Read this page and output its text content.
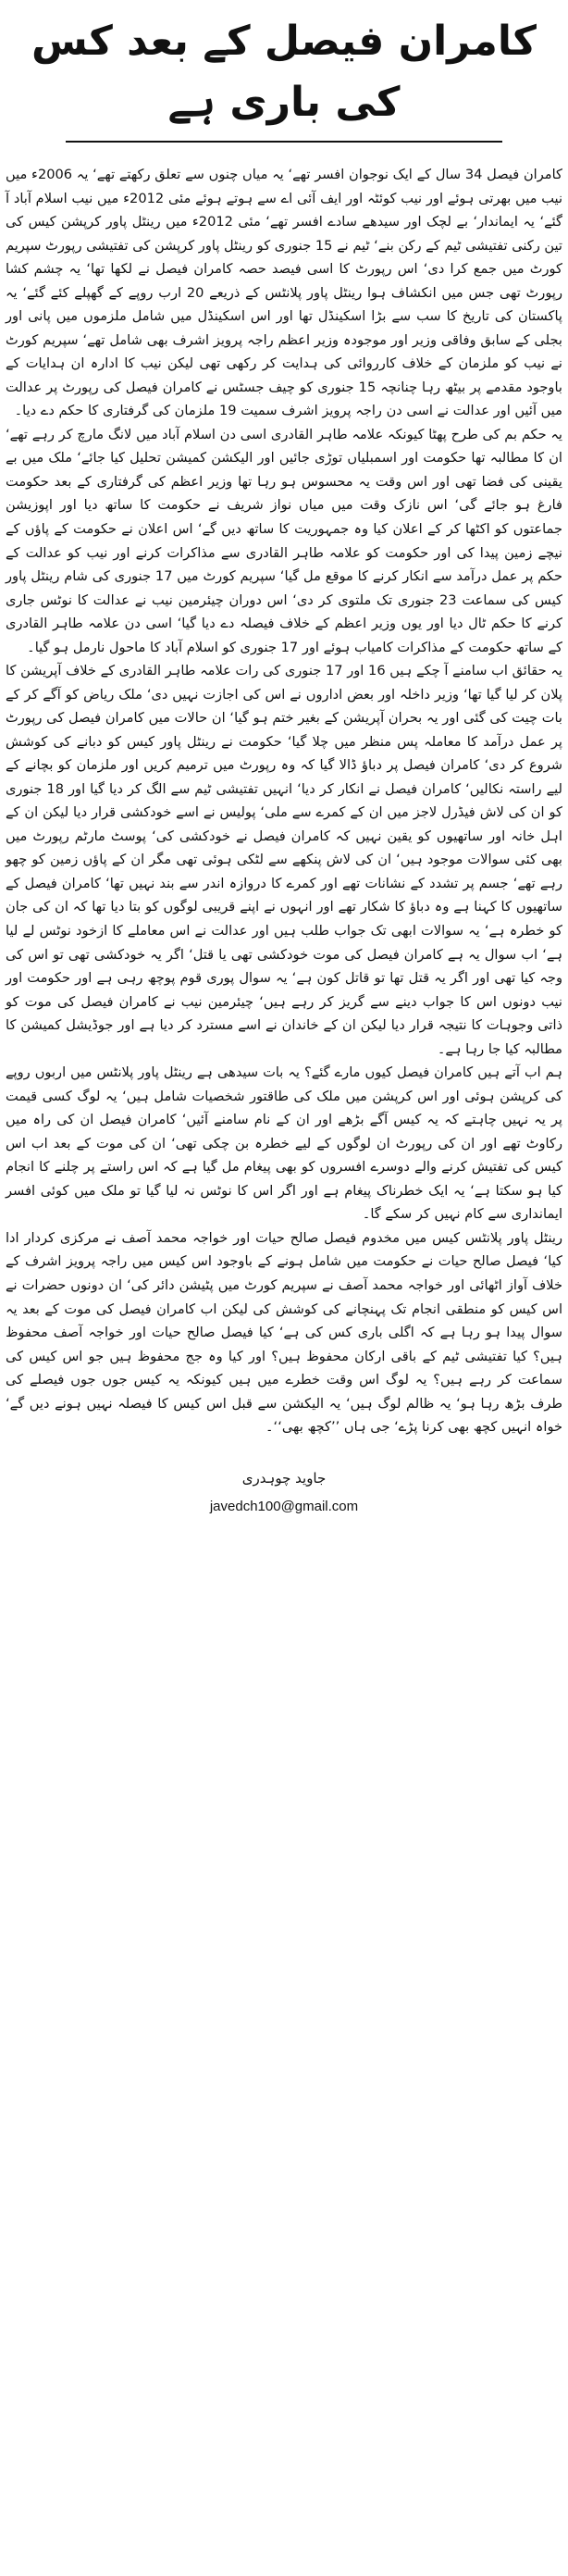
کامران فیصل کے بعد کس کی باری ہے

کامران فیصل 34 سال کے ایک نوجوان افسر تھے‘ یہ میاں چنوں سے تعلق رکھتے تھے‘ یہ 2006ء میں نیب میں بھرتی ہوئے اور نیب کوئٹہ اور ایف آئی اے سے ہوتے ہوئے مئی 2012ء میں نیب اسلام آباد آ گئے‘ یہ ایماندار‘ بے لچک اور سیدھے سادے افسر تھے‘ مئی 2012ء میں رینٹل پاور کرپشن کیس کی تین رکنی تفتیشی ٹیم کے رکن بنے‘ ٹیم نے 15 جنوری کو رینٹل پاور کرپشن کی تفتیشی رپورٹ سپریم کورٹ میں جمع کرا دی‘ اس رپورٹ کا اسی فیصد حصہ کامران فیصل نے لکھا تھا‘ یہ چشم کشا رپورٹ تھی جس میں انکشاف ہوا رینٹل پاور پلانٹس کے ذریعے 20 ارب روپے کے گھپلے کئے گئے‘ یہ پاکستان کی تاریخ کا سب سے بڑا اسکینڈل تھا اور اس اسکینڈل میں شامل ملزموں میں پانی اور بجلی کے سابق وفاقی وزیر اور موجودہ وزیر اعظم راجہ پرویز اشرف بھی شامل تھے‘ سپریم کورٹ نے نیب کو ملزمان کے خلاف کارروائی کی ہدایت کر رکھی تھی لیکن نیب کا ادارہ ان ہدایات کے باوجود مقدمے پر بیٹھ رہا چنانچہ 15 جنوری کو چیف جسٹس نے کامران فیصل کی رپورٹ پر عدالت میں آئیں اور عدالت نے اسی دن راجہ پرویز اشرف سمیت 19 ملزمان کی گرفتاری کا حکم دے دیا۔

یہ حکم بم کی طرح پھٹا کیونکہ علامہ طاہر القادری اسی دن اسلام آباد میں لانگ مارچ کر رہے تھے‘ ان کا مطالبہ تھا حکومت اور اسمبلیاں توڑی جائیں اور الیکشن کمیشن تحلیل کیا جائے‘ ملک میں بے یقینی کی فضا تھی اور اس وقت یہ محسوس ہو رہا تھا وزیر اعظم کی گرفتاری کے بعد حکومت فارغ ہو جائے گی‘ اس نازک وقت میں میاں نواز شریف نے حکومت کا ساتھ دیا اور اپوزیشن جماعتوں کو اکٹھا کر کے اعلان کیا وہ جمہوریت کا ساتھ دیں گے‘ اس اعلان نے حکومت کے پاؤں کے نیچے زمین پیدا کی اور حکومت کو علامہ طاہر القادری سے مذاکرات کرنے اور نیب کو عدالت کے حکم پر عمل درآمد سے انکار کرنے کا موقع مل گیا‘ سپریم کورٹ میں 17 جنوری کی شام رینٹل پاور کیس کی سماعت 23 جنوری تک ملتوی کر دی‘ اس دوران چیئرمین نیب نے عدالت کا نوٹس جاری کرنے کا حکم ٹال دیا اور یوں وزیر اعظم کے خلاف فیصلہ دے دیا گیا‘ اسی دن علامہ طاہر القادری کے ساتھ حکومت کے مذاکرات کامیاب ہوئے اور 17 جنوری کو اسلام آباد کا ماحول نارمل ہو گیا۔

یہ حقائق اب سامنے آ چکے ہیں 16 اور 17 جنوری کی رات علامہ طاہر القادری کے خلاف آپریشن کا پلان کر لیا گیا تھا‘ وزیر داخلہ اور بعض اداروں نے اس کی اجازت نہیں دی‘ ملک ریاض کو آگے کر کے بات چیت کی گئی اور یہ بحران آپریشن کے بغیر ختم ہو گیا‘ ان حالات میں کامران فیصل کی رپورٹ پر عمل درآمد کا معاملہ پس منظر میں چلا گیا‘ حکومت نے رینٹل پاور کیس کو دبانے کی کوشش شروع کر دی‘ کامران فیصل پر دباؤ ڈالا گیا کہ وہ رپورٹ میں ترمیم کریں اور ملزمان کو بچانے کے لیے راستہ نکالیں‘ کامران فیصل نے انکار کر دیا‘ انہیں تفتیشی ٹیم سے الگ کر دیا گیا اور 18 جنوری کو ان کی لاش فیڈرل لاجز میں ان کے کمرے سے ملی‘ پولیس نے اسے خودکشی قرار دیا لیکن ان کے اہل خانہ اور ساتھیوں کو یقین نہیں کہ کامران فیصل نے خودکشی کی‘ پوسٹ مارٹم رپورٹ میں بھی کئی سوالات موجود ہیں‘ ان کی لاش پنکھے سے لٹکی ہوئی تھی مگر ان کے پاؤں زمین کو چھو رہے تھے‘ جسم پر تشدد کے نشانات تھے اور کمرے کا دروازہ اندر سے بند نہیں تھا‘ کامران فیصل کے ساتھیوں کا کہنا ہے وہ دباؤ کا شکار تھے اور انہوں نے اپنے قریبی لوگوں کو بتا دیا تھا کہ ان کی جان کو خطرہ ہے‘ یہ سوالات ابھی تک جواب طلب ہیں اور عدالت نے اس معاملے کا ازخود نوٹس لے لیا ہے‘ اب سوال یہ ہے کامران فیصل کی موت خودکشی تھی یا قتل‘ اگر یہ خودکشی تھی تو اس کی وجہ کیا تھی اور اگر یہ قتل تھا تو قاتل کون ہے‘ یہ سوال پوری قوم پوچھ رہی ہے اور حکومت اور نیب دونوں اس کا جواب دینے سے گریز کر رہے ہیں‘ چیئرمین نیب نے کامران فیصل کی موت کو ذاتی وجوہات کا نتیجہ قرار دیا لیکن ان کے خاندان نے اسے مسترد کر دیا ہے اور جوڈیشل کمیشن کا مطالبہ کیا جا رہا ہے۔

ہم اب آتے ہیں کامران فیصل کیوں مارے گئے؟ یہ بات سیدھی ہے رینٹل پاور پلانٹس میں اربوں روپے کی کرپشن ہوئی اور اس کرپشن میں ملک کی طاقتور شخصیات شامل ہیں‘ یہ لوگ کسی قیمت پر یہ نہیں چاہتے کہ یہ کیس آگے بڑھے اور ان کے نام سامنے آئیں‘ کامران فیصل ان کی راہ میں رکاوٹ تھے اور ان کی رپورٹ ان لوگوں کے لیے خطرہ بن چکی تھی‘ ان کی موت کے بعد اب اس کیس کی تفتیش کرنے والے دوسرے افسروں کو بھی پیغام مل گیا ہے کہ اس راستے پر چلنے کا انجام کیا ہو سکتا ہے‘ یہ ایک خطرناک پیغام ہے اور اگر اس کا نوٹس نہ لیا گیا تو ملک میں کوئی افسر ایمانداری سے کام نہیں کر سکے گا۔

رینٹل پاور پلانٹس کیس میں مخدوم فیصل صالح حیات اور خواجہ محمد آصف نے مرکزی کردار ادا کیا‘ فیصل صالح حیات نے حکومت میں شامل ہونے کے باوجود اس کیس میں راجہ پرویز اشرف کے خلاف آواز اٹھائی اور خواجہ محمد آصف نے سپریم کورٹ میں پٹیشن دائر کی‘ ان دونوں حضرات نے اس کیس کو منطقی انجام تک پہنچانے کی کوشش کی لیکن اب کامران فیصل کی موت کے بعد یہ سوال پیدا ہو رہا ہے کہ اگلی باری کس کی ہے‘ کیا فیصل صالح حیات اور خواجہ آصف محفوظ ہیں؟ کیا تفتیشی ٹیم کے باقی ارکان محفوظ ہیں؟ اور کیا وہ جج محفوظ ہیں جو اس کیس کی سماعت کر رہے ہیں؟ یہ لوگ اس وقت خطرے میں ہیں کیونکہ یہ کیس جوں جوں فیصلے کی طرف بڑھ رہا ہو‘ یہ ظالم لوگ ہیں‘ یہ الیکشن سے قبل اس کیس کا فیصلہ نہیں ہونے دیں گے‘ خواہ انہیں کچھ بھی کرنا پڑے‘ جی ہاں ’’کچھ بھی‘‘۔

جاوید چوہدری
javedch100@gmail.com
